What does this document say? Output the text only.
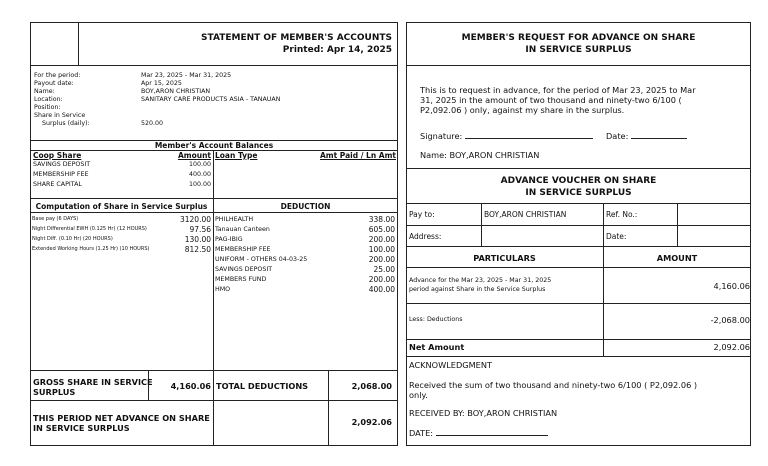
STATEMENT OF MEMBER'S ACCOUNTS
Printed: Apr 14, 2025
For the period:	Mar 23, 2025 - Mar 31, 2025
Payout date:	Apr 15, 2025
Name:	BOY,ARON CHRISTIAN
Location:	SANITARY CARE PRODUCTS ASIA - TANAUAN
Position:
Share in Service
Surplus (daily):	520.00
Member's Account Balances
Coop Share	Amount Loan Type	Amt Paid / Ln Amt
SAVINGS DEPOSIT	100.00
MEMBERSHIP FEE	400.00
SHARE CAPITAL	100.00
Computation of Share in Service Surplus	DEDUCTION
Base pay (6 DAYS)	3120.00
Night Differential EWH (0.125 Hr) (12 HOURS)	97.56
Night Diff. (0.10 Hr) (20 HOURS)	130.00
Extended Working Hours (1.25 Hr) (10 HOURS)	812.50
PHILHEALTH	338.00
Tanauan Canteen	605.00
PAG-IBIG	200.00
MEMBERSHIP FEE	100.00
UNIFORM - OTHERS 04-03-25	200.00
SAVINGS DEPOSIT	25.00
MEMBERS FUND	200.00
HMO	400.00
GROSS SHARE IN SERVICE
SURPLUS
4,160.06 TOTAL DEDUCTIONS	2,068.00
THIS PERIOD NET ADVANCE ON SHARE
IN SERVICE SURPLUS
2,092.06
MEMBER'S REQUEST FOR ADVANCE ON SHARE
IN SERVICE SURPLUS
This is to request in advance, for the period of Mar 23, 2025 to Mar
31, 2025 in the amount of two thousand and ninety-two 6/100 (
P2,092.06 ) only, against my share in the surplus.
Signature:	Date:
Name: BOY,ARON CHRISTIAN
ADVANCE VOUCHER ON SHARE
IN SERVICE SURPLUS
Pay to:	BOY,ARON CHRISTIAN	Ref. No.:
Address:	Date:
PARTICULARS	AMOUNT
Advance for the Mar 23, 2025 - Mar 31, 2025
period against Share in the Service Surplus	4,160.06
Less: Deductions	-2,068.00
Net Amount	2,092.06
ACKNOWLEDGMENT
Received the sum of two thousand and ninety-two 6/100 ( P2,092.06 )
only.
RECEIVED BY: BOY,ARON CHRISTIAN
DATE:
